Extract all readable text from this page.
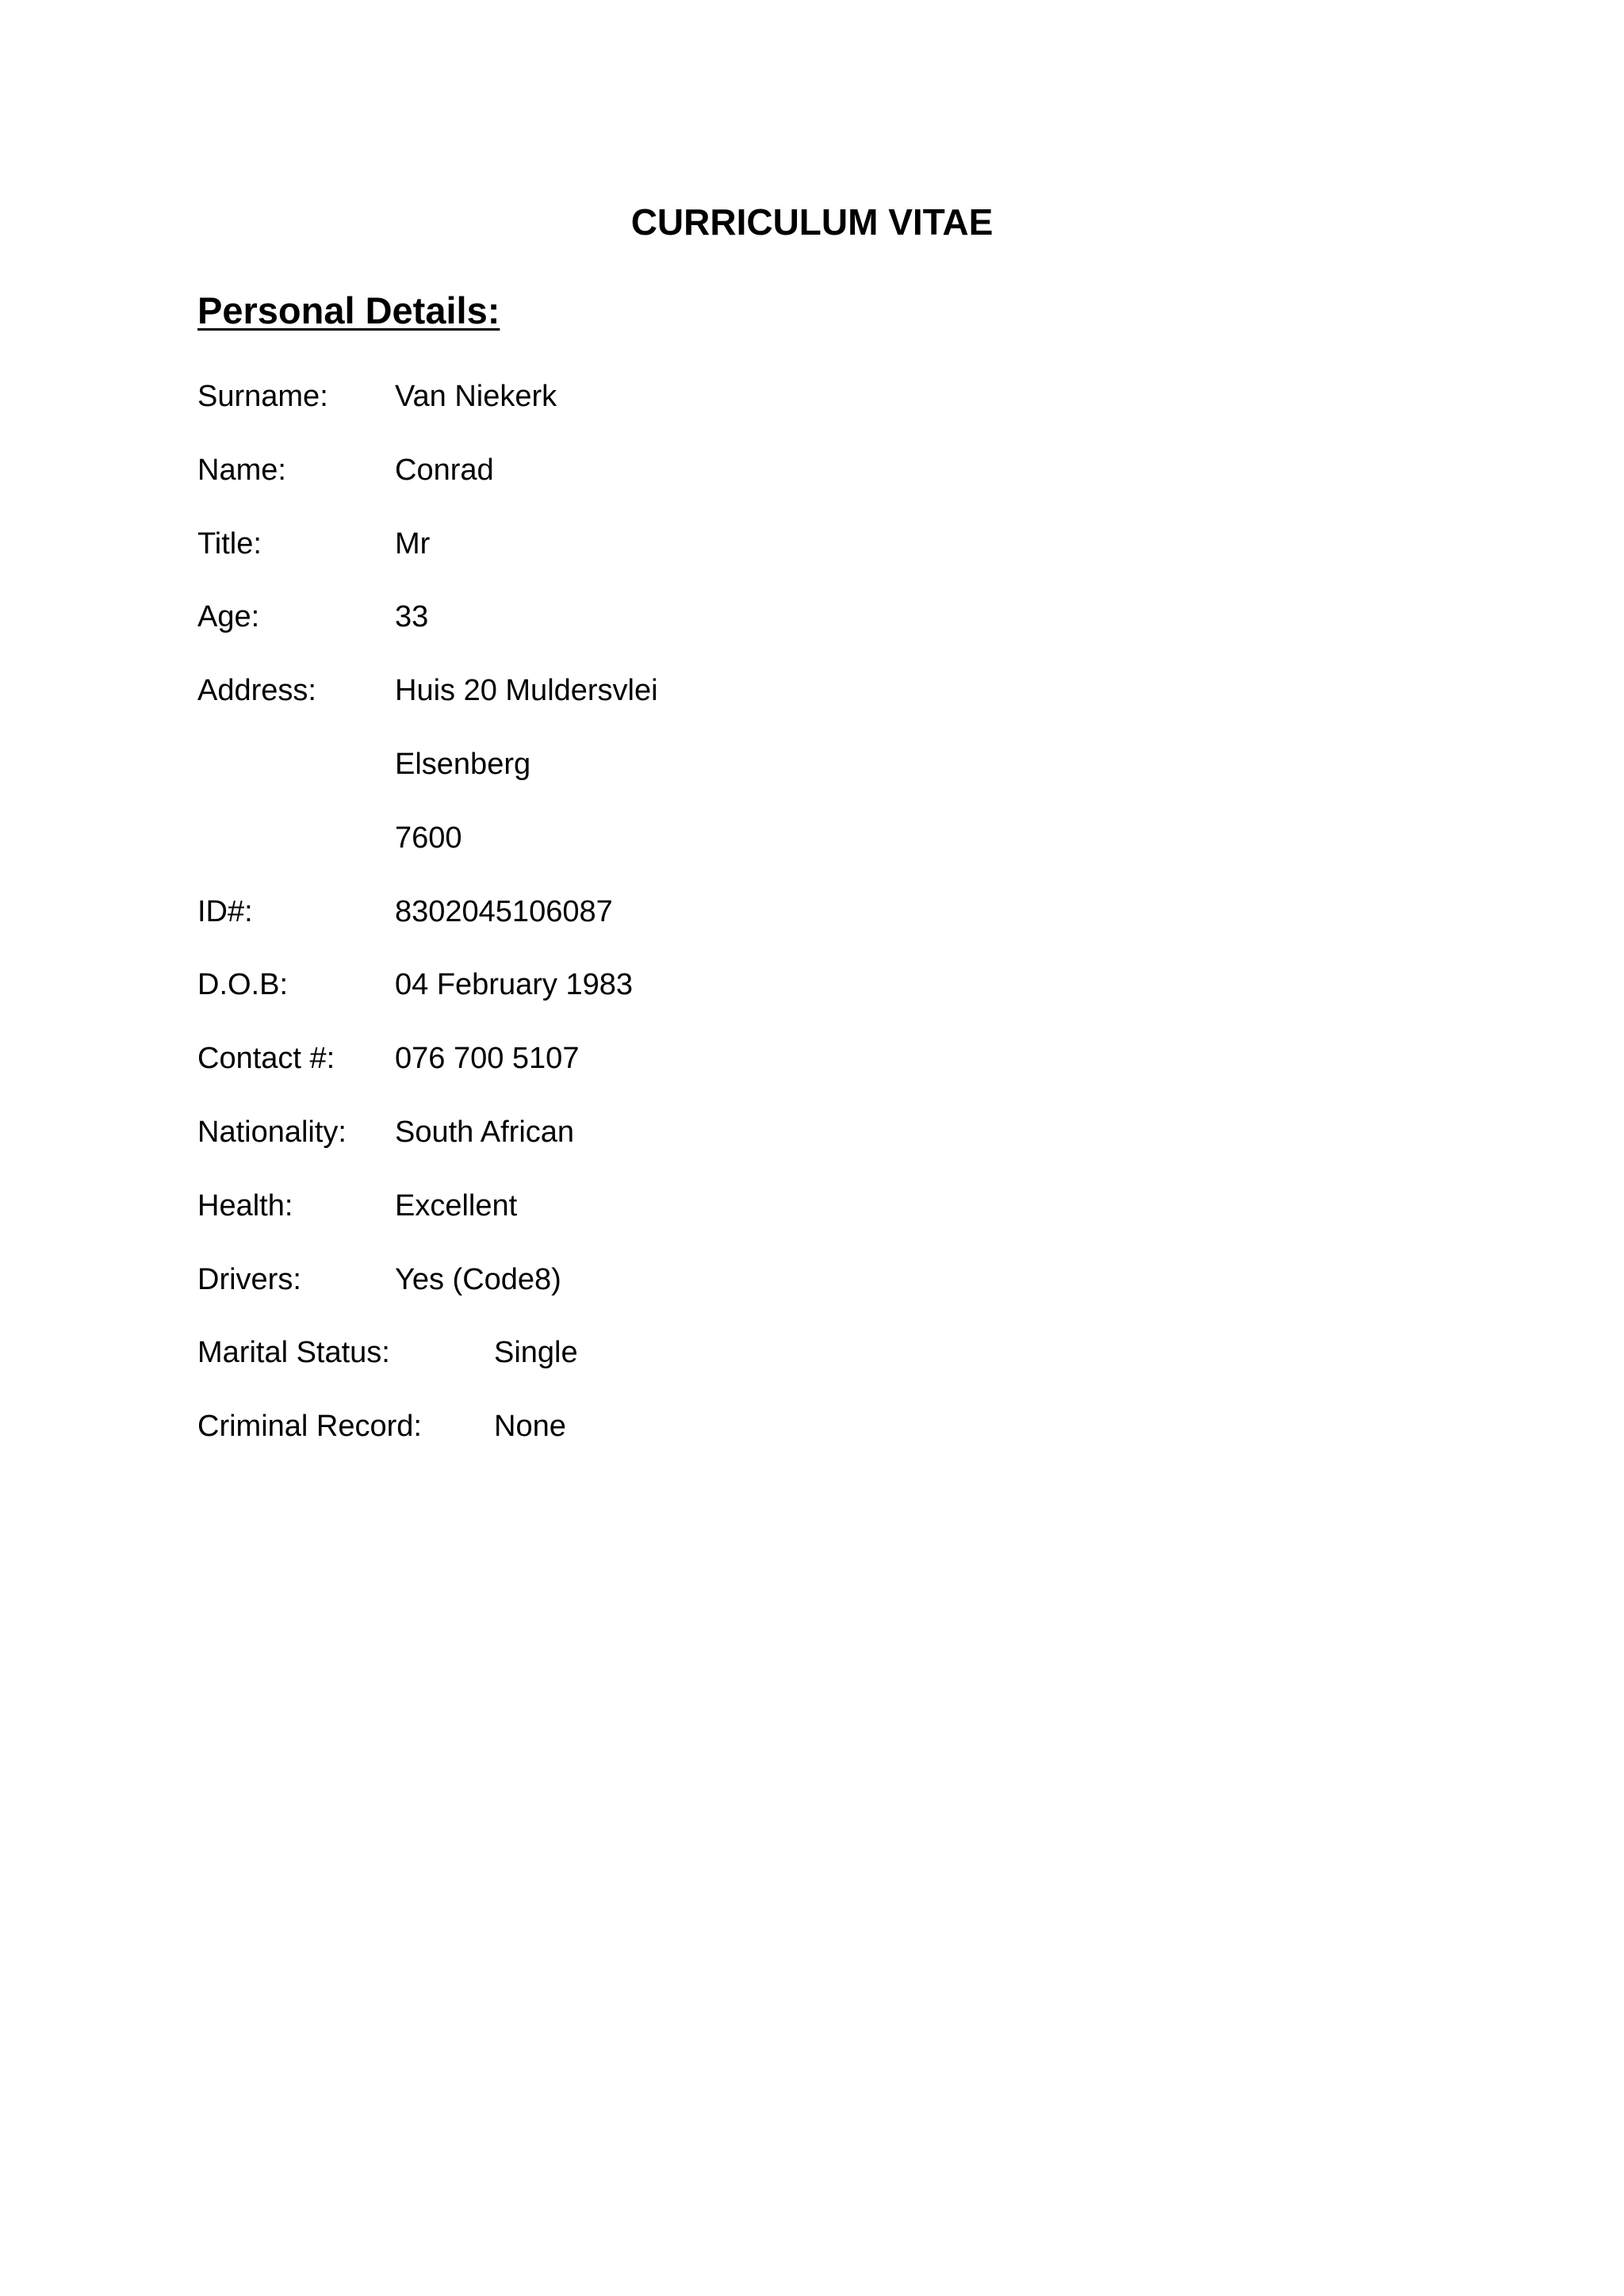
CURRICULUM VITAE
Personal Details:
Surname: Van Niekerk
Name:	Conrad
Title:	Mr
Age:	33
Address:	Huis 20 Muldersvlei
Elsenberg
7600
ID#:	8302045106087
D.O.B:	04 February 1983
Contact #: 076 700 5107
Nationality: South African
Health:	Excellent
Drivers:	Yes (Code8)
Marital Status:	Single
Criminal Record: None
